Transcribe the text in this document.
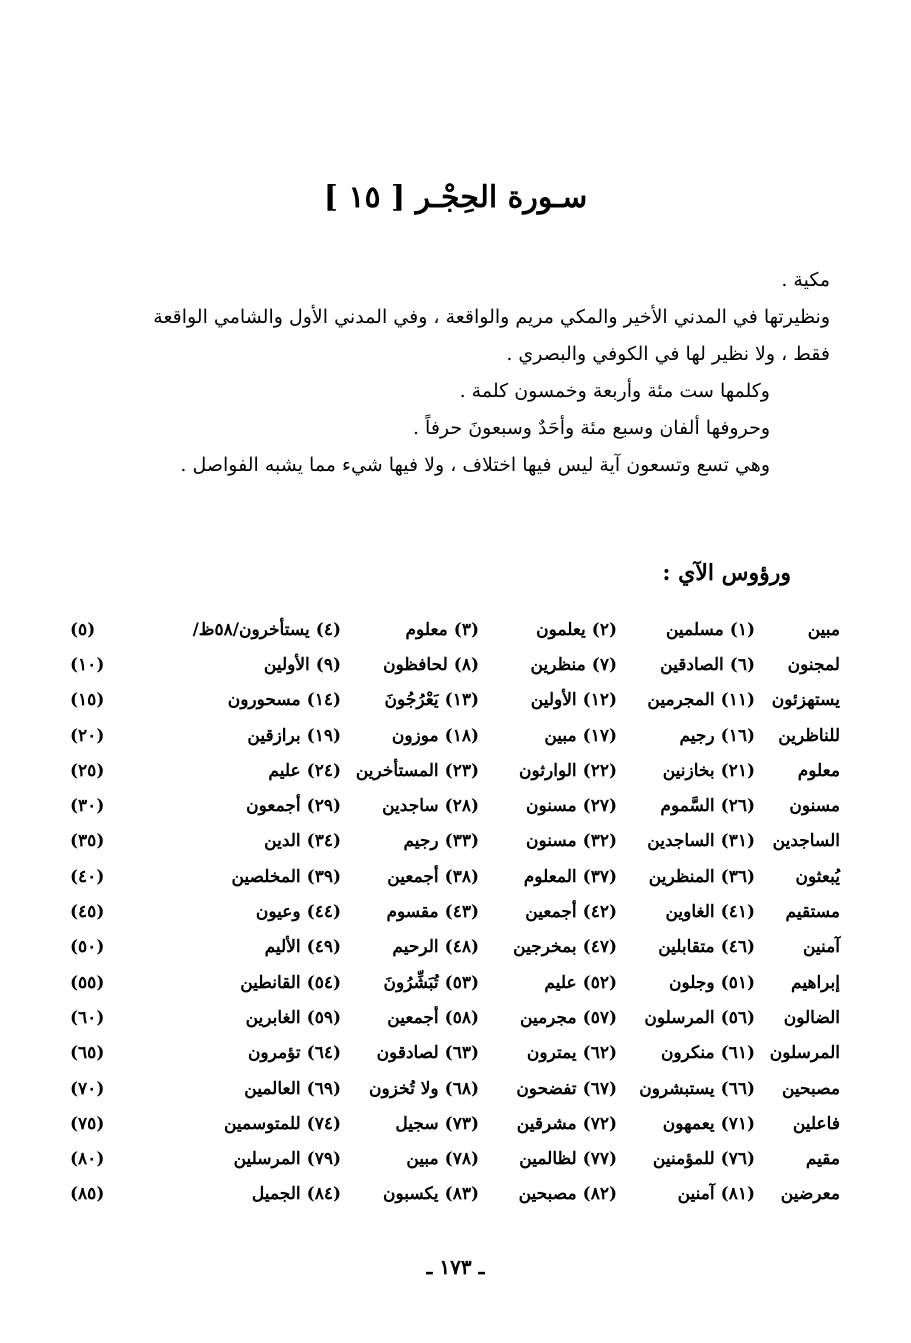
سـورة الحِجْـر [ ١٥ ]

مكية .

ونظيرتها في المدني الأخير والمكي مريم والواقعة ، وفي المدني الأول والشامي الواقعة

فقط ، ولا نظير لها في الكوفي والبصري .

وكلمها ست مئة وأربعة وخمسون كلمة .

وحروفها ألفان وسبع مئة وأحَدٌ وسبعونَ حرفاً .

وهي تسع وتسعون آية ليس فيها اختلاف ، ولا فيها شيء مما يشبه الفواصل .

ورؤوس الآي :
مبين
(١)مسلمين
(٢)يعلمون
(٣)معلوم
(٤)يستأخرون/٥٨ظ/
(٥)
لمجنون
(٦)الصادقين
(٧)منظرين
(٨)لحافظون
(٩)الأولين
(١٠)
يستهزئون
(١١)المجرمين
(١٢)الأولين
(١٣)يَعْرُجُونَ
(١٤)مسحورون
(١٥)
للناظرين
(١٦)رجيم
(١٧)مبين
(١٨)موزون
(١٩)برازقين
(٢٠)
معلوم
(٢١)بخازنين
(٢٢)الوارثون
(٢٣)المستأخرين
(٢٤)عليم
(٢٥)
مسنون
(٢٦)السَّموم
(٢٧)مسنون
(٢٨)ساجدين
(٢٩)أجمعون
(٣٠)
الساجدين
(٣١)الساجدين
(٣٢)مسنون
(٣٣)رجيم
(٣٤)الدين
(٣٥)
يُبعثون
(٣٦)المنظرين
(٣٧)المعلوم
(٣٨)أجمعين
(٣٩)المخلصين
(٤٠)
مستقيم
(٤١)الغاوين
(٤٢)أجمعين
(٤٣)مقسوم
(٤٤)وعيون
(٤٥)
آمنين
(٤٦)متقابلين
(٤٧)بمخرجين
(٤٨)الرحيم
(٤٩)الأليم
(٥٠)
إبراهيم
(٥١)وجلون
(٥٢)عليم
(٥٣)تُبَشِّرُونَ
(٥٤)القانطين
(٥٥)
الضالون
(٥٦)المرسلون
(٥٧)مجرمين
(٥٨)أجمعين
(٥٩)الغابرين
(٦٠)
المرسلون
(٦١)منكرون
(٦٢)يمترون
(٦٣)لصادقون
(٦٤)تؤمرون
(٦٥)
مصبحين
(٦٦)يستبشرون
(٦٧)تفضحون
(٦٨)ولا تُخزون
(٦٩)العالمين
(٧٠)
فاعلين
(٧١)يعمهون
(٧٢)مشرقين
(٧٣)سجيل
(٧٤)للمتوسمين
(٧٥)
مقيم
(٧٦)للمؤمنين
(٧٧)لظالمين
(٧٨)مبين
(٧٩)المرسلين
(٨٠)
معرضين
(٨١)آمنين
(٨٢)مصبحين
(٨٣)يكسبون
(٨٤)الجميل
(٨٥)
ـ ١٧٣ ـ
